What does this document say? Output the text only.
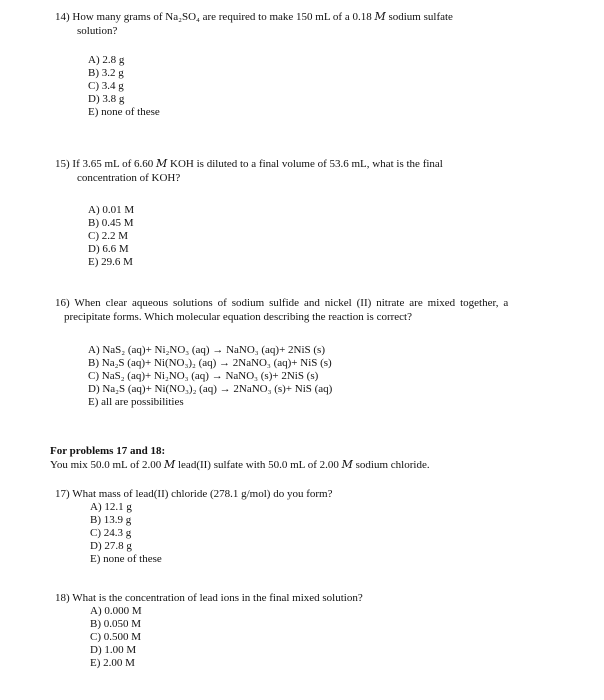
14) How many grams of Na₂SO₄ are required to make 150 mL of a 0.18 𝑀 sodium sulfate
solution?
A) 2.8 g
B) 3.2 g
C) 3.4 g
D) 3.8 g
E) none of these
15) If 3.65 mL of 6.60 𝑀 KOH is diluted to a final volume of 53.6 mL, what is the final
concentration of KOH?
A) 0.01 M
B) 0.45 M
C) 2.2 M
D) 6.6 M
E) 29.6 M
16) When clear aqueous solutions of sodium sulfide and nickel (II) nitrate are mixed together, a
precipitate forms. Which molecular equation describing the reaction is correct?
A) NaS₂ (aq)+ Ni₂NO₃ (aq) → NaNO₃ (aq)+ 2NiS (s)
B) Na₂S (aq)+ Ni(NO₃)₂ (aq) → 2NaNO₃ (aq)+ NiS (s)
C) NaS₂ (aq)+ Ni₂NO₃ (aq) → NaNO₃ (s)+ 2NiS (s)
D) Na₂S (aq)+ Ni(NO₃)₂ (aq) → 2NaNO₃ (s)+ NiS (aq)
E) all are possibilities
For problems 17 and 18:
You mix 50.0 mL of 2.00 𝑀 lead(II) sulfate with 50.0 mL of 2.00 𝑀 sodium chloride.
17) What mass of lead(II) chloride (278.1 g/mol) do you form?
A) 12.1 g
B) 13.9 g
C) 24.3 g
D) 27.8 g
E) none of these
18) What is the concentration of lead ions in the final mixed solution?
A) 0.000 M
B) 0.050 M
C) 0.500 M
D) 1.00 M
E) 2.00 M
